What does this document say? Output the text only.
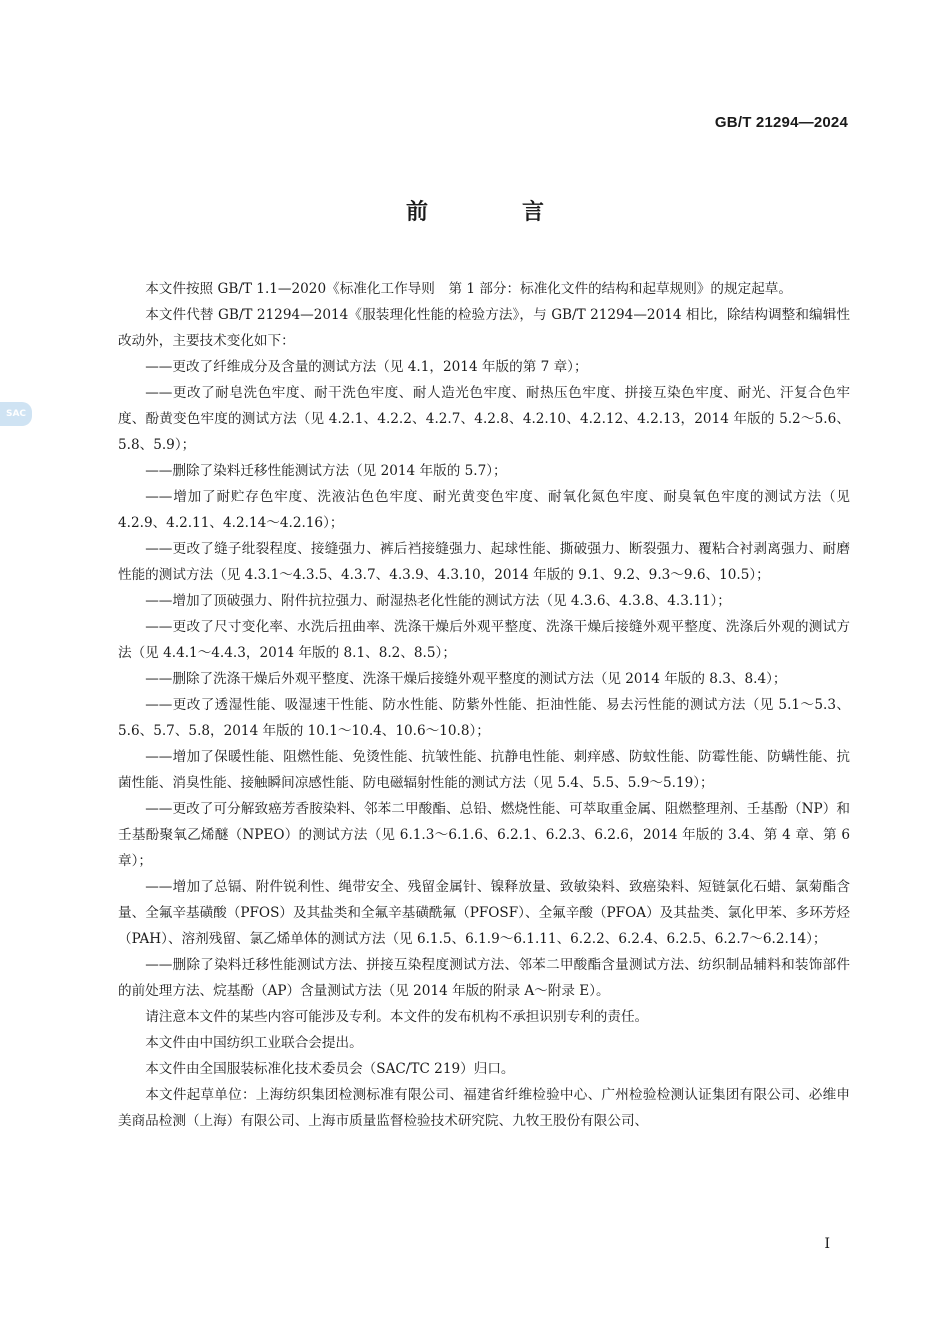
SAC
GB/T 21294—2024
前　言

本文件按照 GB/T 1.1—2020《标准化工作导则　第 1 部分：标准化文件的结构和起草规则》的规定起草。

本文件代替 GB/T 21294—2014《服装理化性能的检验方法》，与 GB/T 21294—2014 相比，除结构调整和编辑性改动外，主要技术变化如下：

——更改了纤维成分及含量的测试方法（见 4.1，2014 年版的第 7 章）；

——更改了耐皂洗色牢度、耐干洗色牢度、耐人造光色牢度、耐热压色牢度、拼接互染色牢度、耐光、汗复合色牢度、酚黄变色牢度的测试方法（见 4.2.1、4.2.2、4.2.7、4.2.8、4.2.10、4.2.12、4.2.13，2014 年版的 5.2～5.6、5.8、5.9）；

——删除了染料迁移性能测试方法（见 2014 年版的 5.7）；

——增加了耐贮存色牢度、洗液沾色色牢度、耐光黄变色牢度、耐氧化氮色牢度、耐臭氧色牢度的测试方法（见 4.2.9、4.2.11、4.2.14～4.2.16）；

——更改了缝子纰裂程度、接缝强力、裤后裆接缝强力、起球性能、撕破强力、断裂强力、覆粘合衬剥离强力、耐磨性能的测试方法（见 4.3.1～4.3.5、4.3.7、4.3.9、4.3.10，2014 年版的 9.1、9.2、9.3～9.6、10.5）；

——增加了顶破强力、附件抗拉强力、耐湿热老化性能的测试方法（见 4.3.6、4.3.8、4.3.11）；

——更改了尺寸变化率、水洗后扭曲率、洗涤干燥后外观平整度、洗涤干燥后接缝外观平整度、洗涤后外观的测试方法（见 4.4.1～4.4.3，2014 年版的 8.1、8.2、8.5）；

——删除了洗涤干燥后外观平整度、洗涤干燥后接缝外观平整度的测试方法（见 2014 年版的 8.3、8.4）；

——更改了透湿性能、吸湿速干性能、防水性能、防紫外性能、拒油性能、易去污性能的测试方法（见 5.1～5.3、5.6、5.7、5.8，2014 年版的 10.1～10.4、10.6～10.8）；

——增加了保暖性能、阻燃性能、免烫性能、抗皱性能、抗静电性能、刺痒感、防蚊性能、防霉性能、防螨性能、抗菌性能、消臭性能、接触瞬间凉感性能、防电磁辐射性能的测试方法（见 5.4、5.5、5.9～5.19）；

——更改了可分解致癌芳香胺染料、邻苯二甲酸酯、总铅、燃烧性能、可萃取重金属、阻燃整理剂、壬基酚（NP）和壬基酚聚氧乙烯醚（NPEO）的测试方法（见 6.1.3～6.1.6、6.2.1、6.2.3、6.2.6，2014 年版的 3.4、第 4 章、第 6 章）；

——增加了总镉、附件锐利性、绳带安全、残留金属针、镍释放量、致敏染料、致癌染料、短链氯化石蜡、氯菊酯含量、全氟辛基磺酸（PFOS）及其盐类和全氟辛基磺酰氟（PFOSF）、全氟辛酸（PFOA）及其盐类、氯化甲苯、多环芳烃（PAH）、溶剂残留、氯乙烯单体的测试方法（见 6.1.5、6.1.9～6.1.11、6.2.2、6.2.4、6.2.5、6.2.7～6.2.14）；

——删除了染料迁移性能测试方法、拼接互染程度测试方法、邻苯二甲酸酯含量测试方法、纺织制品辅料和装饰部件的前处理方法、烷基酚（AP）含量测试方法（见 2014 年版的附录 A～附录 E）。

请注意本文件的某些内容可能涉及专利。本文件的发布机构不承担识别专利的责任。

本文件由中国纺织工业联合会提出。

本文件由全国服装标准化技术委员会（SAC/TC 219）归口。

本文件起草单位：上海纺织集团检测标准有限公司、福建省纤维检验中心、广州检验检测认证集团有限公司、必维申美商品检测（上海）有限公司、上海市质量监督检验技术研究院、九牧王股份有限公司、

I
